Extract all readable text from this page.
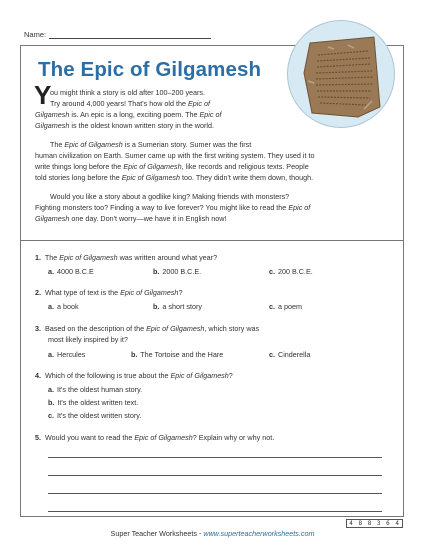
Name:
The Epic of Gilgamesh
Y
ou might think a story is old after 100–200 years.
Try around 4,000 years! That's how old the Epic of
Gilgamesh is. An epic is a long, exciting poem. The Epic of
Gilgamesh is the oldest known written story in the world.
The Epic of Gilgamesh is a Sumerian story. Sumer was the first
human civilization on Earth. Sumer came up with the first writing system. They used it to
write things long before the Epic of Gilgamesh, like records and religious texts. People
told stories long before the Epic of Gilgamesh too. They didn't write them down, though.
Would you like a story about a godlike king? Making friends with monsters?
Fighting monsters too? Finding a way to live forever? You might like to read the Epic of
Gilgamesh one day. Don't worry—we have it in English now!
1. The Epic of Gilgamesh was written around what year?
a. 4000 B.C.E	b. 2000 B.C.E.	c. 200 B.C.E.
2. What type of text is the Epic of Gilgamesh?
a. a book	b. a short story	c. a poem
3. Based on the description of the Epic of Gilgamesh, which story was
most likely inspired by it?
a. Hercules	b. The Tortoise and the Hare	c. Cinderella
4. Which of the following is true about the Epic of Gilgamesh?
a. It's the oldest human story.
b. It's the oldest written text.
c. It's the oldest written story.
5. Would you want to read the Epic of Gilgamesh? Explain why or why not.
4 8 8 3 6 4
Super Teacher Worksheets - www.superteacherworksheets.com
